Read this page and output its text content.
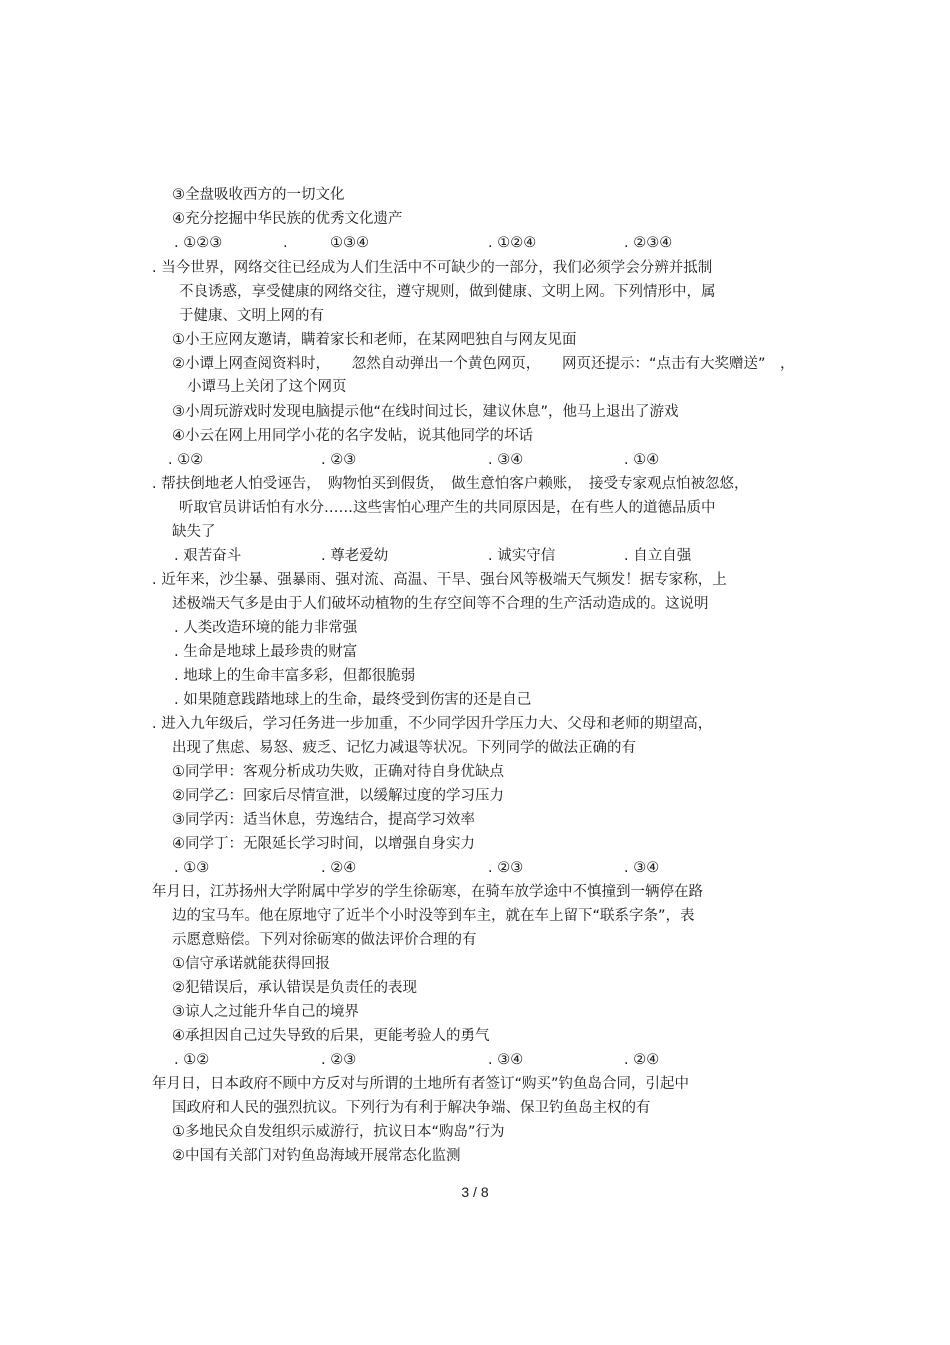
③全盘吸收西方的一切文化
④充分挖掘中华民族的优秀文化遗产
. ①②③	.	①③④	. ①②④	. ②③④
. 当今世界，网络交往已经成为人们生活中不可缺少的一部分，我们必须学会分辨并抵制
不良诱惑，享受健康的网络交往，遵守规则，做到健康、文明上网。下列情形中，属
于健康、文明上网的有
①小王应网友邀请，瞒着家长和老师，在某网吧独自与网友见面
②小谭上网查阅资料时，　　忽然自动弹出一个黄色网页，　　网页还提示：“点击有大奖赠送”　，
小谭马上关闭了这个网页
③小周玩游戏时发现电脑提示他“在线时间过长，建议休息”，他马上退出了游戏
④小云在网上用同学小花的名字发帖，说其他同学的坏话
. ①②	. ②③	. ③④	. ①④
. 帮扶倒地老人怕受诬告，　购物怕买到假货，　做生意怕客户赖账，　接受专家观点怕被忽悠，
听取官员讲话怕有水分……这些害怕心理产生的共同原因是，在有些人的道德品质中
缺失了
. 艰苦奋斗	. 尊老爱幼	. 诚实守信	. 自立自强
. 近年来，沙尘暴、强暴雨、强对流、高温、干旱、强台风等极端天气频发！据专家称，上
述极端天气多是由于人们破坏动植物的生存空间等不合理的生产活动造成的。这说明
. 人类改造环境的能力非常强
. 生命是地球上最珍贵的财富
. 地球上的生命丰富多彩，但都很脆弱
. 如果随意践踏地球上的生命，最终受到伤害的还是自己
. 进入九年级后，学习任务进一步加重，不少同学因升学压力大、父母和老师的期望高，
出现了焦虑、易怒、疲乏、记忆力减退等状况。下列同学的做法正确的有
①同学甲：客观分析成功失败，正确对待自身优缺点
②同学乙：回家后尽情宣泄，以缓解过度的学习压力
③同学丙：适当休息，劳逸结合，提高学习效率
④同学丁：无限延长学习时间，以增强自身实力
. ①③	. ②④	. ②③	. ③④
年月日，江苏扬州大学附属中学岁的学生徐砺寒，在骑车放学途中不慎撞到一辆停在路
边的宝马车。他在原地守了近半个小时没等到车主，就在车上留下“联系字条”，表
示愿意赔偿。下列对徐砺寒的做法评价合理的有
①信守承诺就能获得回报
②犯错误后，承认错误是负责任的表现
③谅人之过能升华自己的境界
④承担因自己过失导致的后果，更能考验人的勇气
. ①②	. ②③	. ③④	. ②④
年月日，日本政府不顾中方反对与所谓的土地所有者签订“购买”钓鱼岛合同，引起中
国政府和人民的强烈抗议。下列行为有利于解决争端、保卫钓鱼岛主权的有
①多地民众自发组织示威游行，抗议日本“购岛”行为
②中国有关部门对钓鱼岛海域开展常态化监测
3 / 8
